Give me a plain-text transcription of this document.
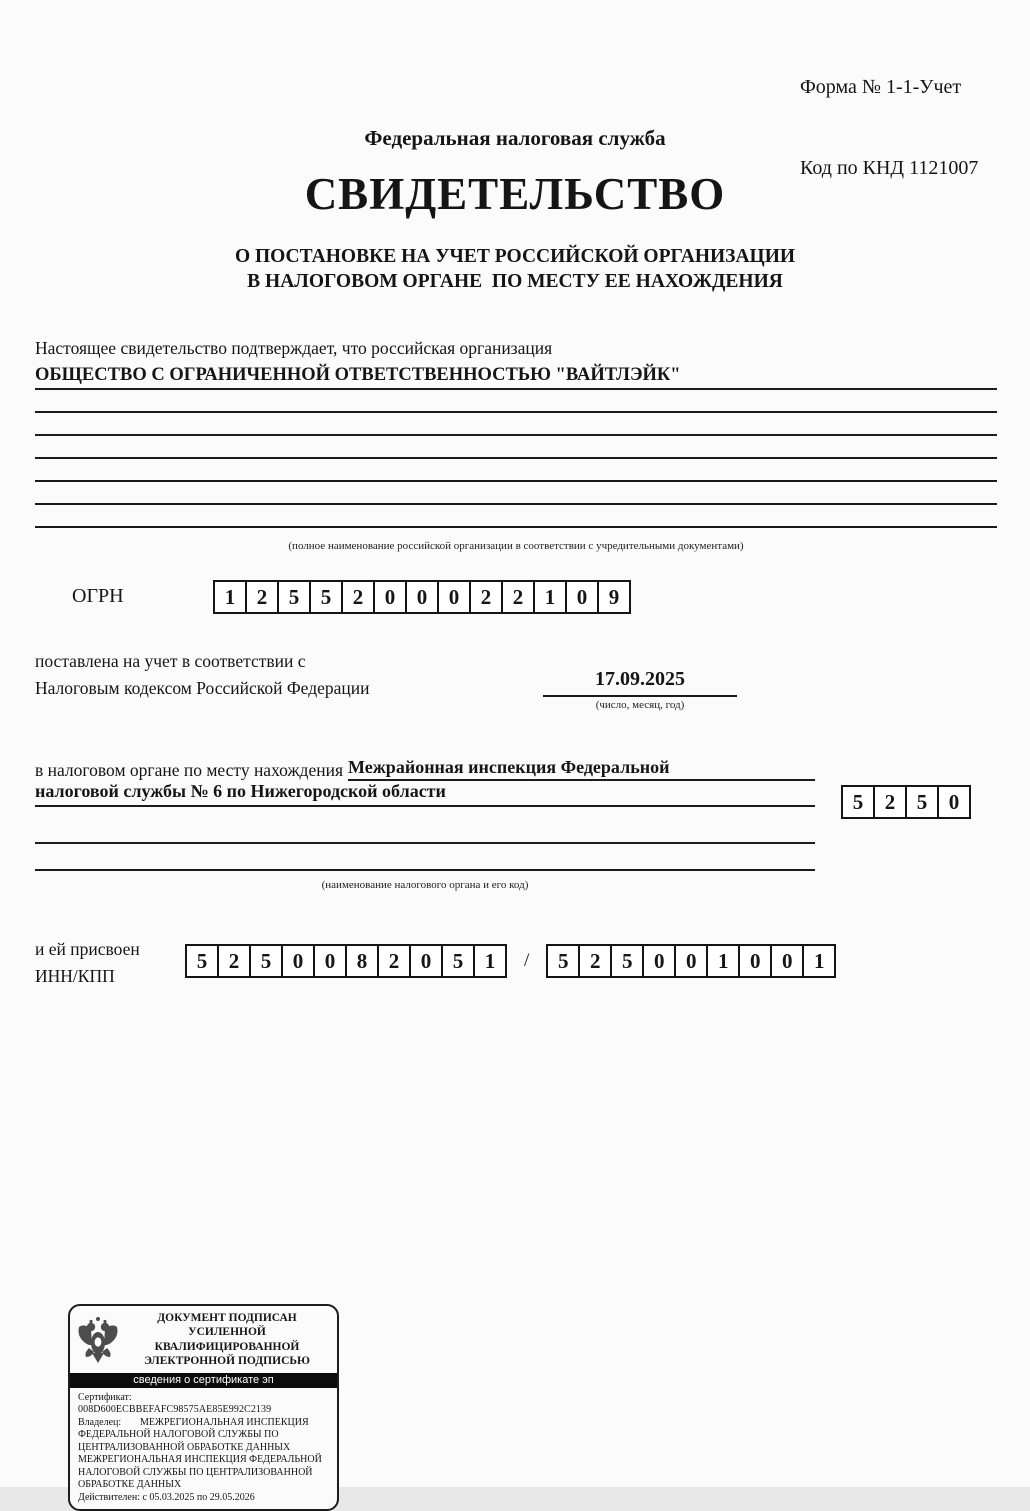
Форма № 1-1-Учет

Код по КНД 1121007

Федеральная налоговая служба
СВИДЕТЕЛЬСТВО
О ПОСТАНОВКЕ НА УЧЕТ РОССИЙСКОЙ ОРГАНИЗАЦИИ
В НАЛОГОВОМ ОРГАНЕ  ПО МЕСТУ ЕЕ НАХОЖДЕНИЯ
Настоящее свидетельство подтверждает, что российская организация
ОБЩЕСТВО С ОГРАНИЧЕННОЙ ОТВЕТСТВЕННОСТЬЮ "ВАЙТЛЭЙК"
(полное наименование российской организации в соответствии с учредительными документами)
ОГРН	1	2	5	5	2	0	0	0	2	2	1	0	9
поставлена на учет в соответствии с
Налоговым кодексом Российской Федерации	17.09.2025
(число, месяц, год)
в налоговом органе по месту нахождения Межрайонная инспекция Федеральной
налоговой службы № 6 по Нижегородской области
(наименование налогового органа и его код)
5	2	5	0
и ей присвоен
ИНН/КПП
5	2	5	0	0	8	2	0	5	1	/	5	2	5	0	0	1	0	0	1
ДОКУМЕНТ ПОДПИСАН
УСИЛЕННОЙ КВАЛИФИЦИРОВАННОЙ
ЭЛЕКТРОННОЙ ПОДПИСЬЮ
сведения о сертификате эп
Сертификат:008D600ECBBEFAFC98575AE85E992C2139
Владелец: МЕЖРЕГИОНАЛЬНАЯ ИНСПЕКЦИЯ ФЕДЕРАЛЬНОЙ НАЛОГОВОЙ СЛУЖБЫ ПО ЦЕНТРАЛИЗОВАННОЙ ОБРАБОТКЕ ДАННЫХ МЕЖРЕГИОНАЛЬНАЯ ИНСПЕКЦИЯ ФЕДЕРАЛЬНОЙ НАЛОГОВОЙ СЛУЖБЫ ПО ЦЕНТРАЛИЗОВАННОЙ ОБРАБОТКЕ ДАННЫХ
Действителен: с 05.03.2025 по 29.05.2026
